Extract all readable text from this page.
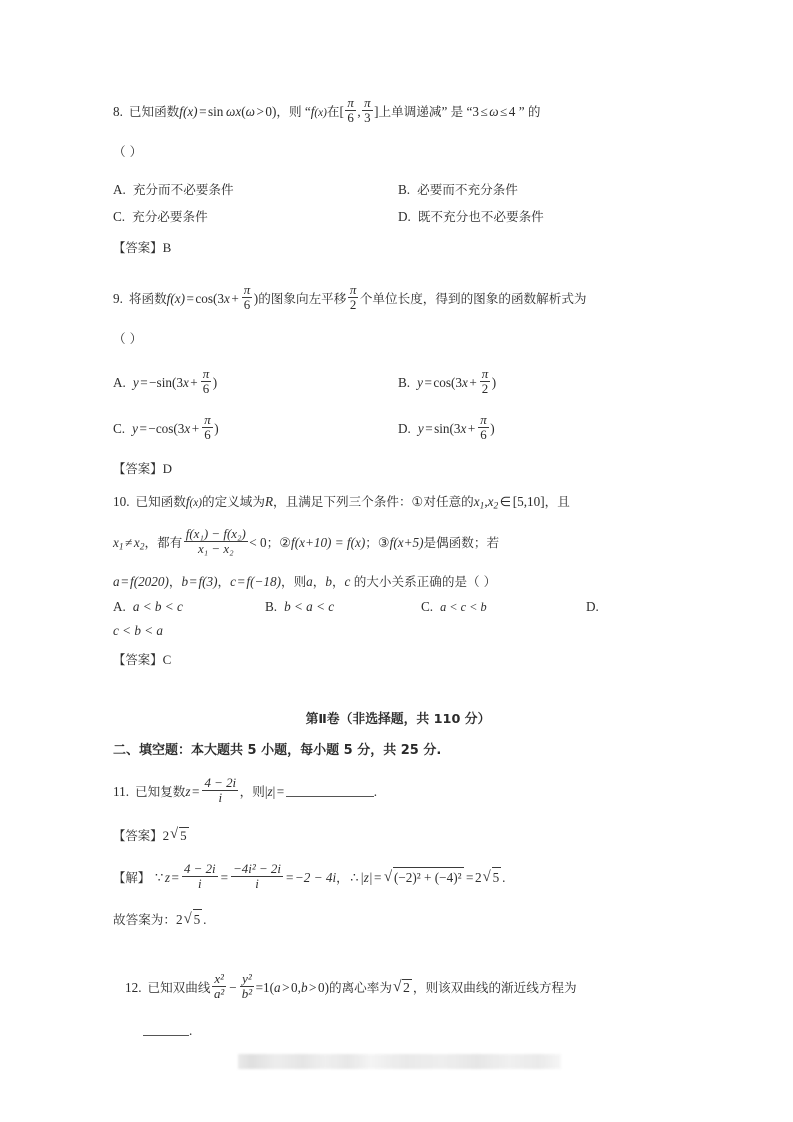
8. 已知函数f(x) = sin  ωx(ω > 0)，则 “f(x)在[ $\frac{\pi}{6}$ , $\frac{\pi}{3}$ ]上单调递减” 是 “3 ≤ ω ≤ 4 ” 的
（ ）
A. 充分而不必要条件	B. 必要而不充分条件
C. 充分必要条件	D. 既不充分也不必要条件
【答案】B
9. 将函数$f(x) = \cos(3x + \frac{\pi}{6}$ )的图象向左平移 $\frac{\pi}{2}$ 个单位长度，得到的图象的函数解析式为
（ ）
A. $y = -\sin(3x + \frac{\pi}{6}$ )	B. $y = \cos(3x + \frac{\pi}{2}$ )
C. $y = -\cos(3x + \frac{\pi}{6}$ )	D. $y = \sin(3x + \frac{\pi}{6}$ )
【答案】D
10. 已知函数f(x)的定义域为R，且满足下列三个条件：①对任意的$x_1,x_2$ ∈ [5,10]，且
$x_1 \ne x_2$，都有 $\frac{\text{f(x₁) − f(x₂)}}{\text{x₁ − x₂}} < 0$；②f(x+10) = f(x)；③f(x+5)是偶函数；若
a = f(2020)，b = f(3)，c = f(−18)，则a，b，c 的大小关系正确的是（ ）
A. a < b < c	B. b < a < c	C. a < c < b	D.
c < b < a
【答案】C
第Ⅱ卷（非选择题，共 110 分）
二、填空题：本大题共 5 小题，每小题 5 分，共 25 分.
11. 已知复数$z = \frac{4 - 2i}{i}$ ，则|z| =	.
【答案】2 √ 5
【解】 ∵ $z = \frac{4 - 2i}{i} = \frac{\text{−4i² − 2i}}{i} = -2 - 4i$， ∴ |z| = √ (−2)² + (−4)² = 2 √ 5 .
故答案为：2 √ 5 .
12. 已知双曲线 $\frac{\text{x²}}{\text{a²}} - \frac{\text{y²}}{\text{b²}} =1(a > 0,b > 0)$的离心率为 √ 2 ，则该双曲线的渐近线方程为
.
